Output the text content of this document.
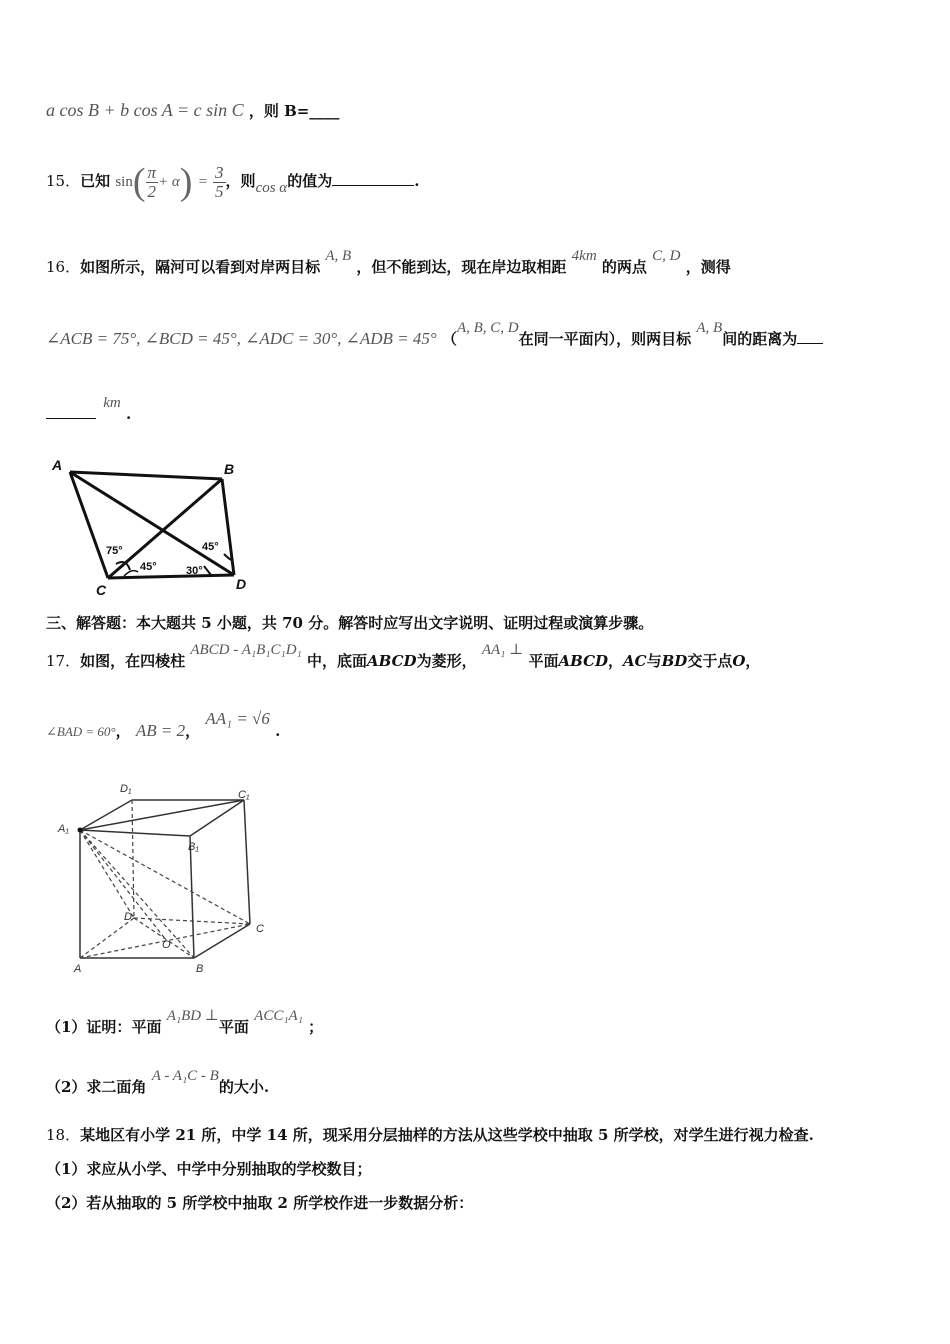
a cos B + b cos A = c sin C ，则 B=____
15．已知 $\sin( \frac{\pi}{2} + \alpha) = \frac{3}{5}$ ，则cos α的值为	.
16．如图所示，隔河可以看到对岸两目标 A, B ，但不能到达，现在岸边取相距 4km 的两点 C, D ，测得
∠ACB = 75°, ∠BCD = 45°, ∠ADC = 30°, ∠ADB = 45° （A, B, C, D在同一平面内），则两目标 A, B间的距离为
km .
A	B
C	D
75°
45°	30°
45°
三、解答题：本大题共 5 小题，共 70 分。解答时应写出文字说明、证明过程或演算步骤。
17．如图，在四棱柱 ABCD - A₁B₁C₁D₁ 中，底面ABCD为菱形， AA₁ ⊥ 平面ABCD，AC与BD交于点O，
∠BAD = 60°， AB = 2， AA₁ = √6 .
D₁	C₁
A₁
B₁
D
C
O
A	B
（1）证明：平面 A₁BD ⊥平面 ACC₁A₁ ；
（2）求二面角 A - A₁C - B的大小.
18．某地区有小学 21 所，中学 14 所，现采用分层抽样的方法从这些学校中抽取 5 所学校，对学生进行视力检查.
（1）求应从小学、中学中分别抽取的学校数目；
（2）若从抽取的 5 所学校中抽取 2 所学校作进一步数据分析：
